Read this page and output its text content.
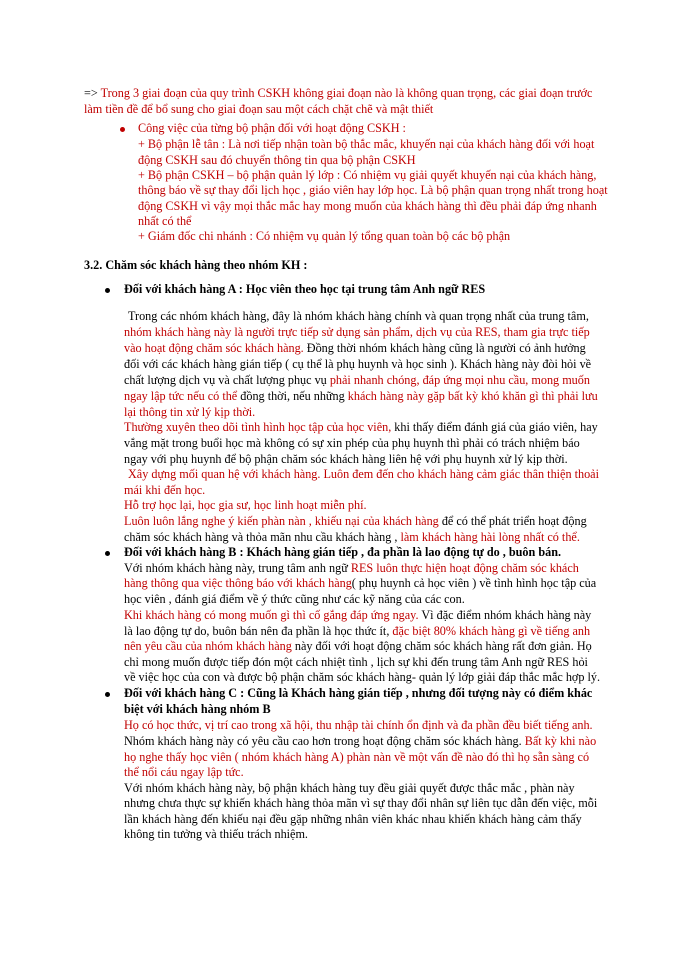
=> Trong 3 giai đoạn của quy trình CSKH không giai đoạn nào là không quan trọng, các giai đoạn trước

làm tiền đề để bổ sung cho giai đoạn sau một cách chặt chẽ và mật thiết

Công việc của từng bộ phận đối với hoạt động CSKH :

+ Bộ phận lễ tân : Là nơi tiếp nhận toàn bộ thắc mắc, khuyến nại của khách hàng đối với hoạt

động CSKH sau đó chuyển thông tin qua bộ phận CSKH

+ Bộ phận CSKH – bộ phận quản lý lớp : Có nhiệm vụ giải quyết khuyến nại của khách hàng,

thông báo về sự thay đổi lịch học , giáo viên hay lớp học. Là bộ phận quan trọng nhất trong hoạt

động CSKH vì vậy mọi thắc mắc hay mong muốn của khách hàng thì đều phải đáp ứng nhanh

nhất có thể

+ Giám đốc chi nhánh : Có nhiệm vụ quản lý tổng quan toàn bộ các bộ phận

3.2. Chăm sóc khách hàng theo nhóm KH :

Đối với khách hàng A : Học viên theo học tại trung tâm Anh ngữ RES

Trong các nhóm khách hàng, đây là nhóm khách hàng chính và quan trọng nhất của trung tâm,

nhóm khách hàng này là người trực tiếp sử dụng sản phẩm, dịch vụ của RES, tham gia trực tiếp

vào hoạt động chăm sóc khách hàng. Đồng thời nhóm khách hàng cũng là người có ảnh hưởng

đối với các khách hàng gián tiếp ( cụ thể là phụ huynh và học sinh ). Khách hàng này đòi hỏi về

chất lượng dịch vụ và chất lượng phục vụ phải nhanh chóng, đáp ứng mọi nhu cầu, mong muốn

ngay lập tức nếu có thể đồng thời, nếu những khách hàng này gặp bất kỳ khó khăn gì thì phải lưu

lại thông tin xử lý kịp thời.

Thường xuyên theo dõi tình hình học tập của học viên, khi thấy điểm đánh giá của giáo viên, hay

vắng mặt trong buổi học mà không có sự xin phép của phụ huynh thì phải có trách nhiệm báo

ngay với phụ huynh để bộ phận chăm sóc khách hàng liên hệ với phụ huynh xử lý kịp thời.

Xây dựng mối quan hệ với khách hàng. Luôn đem đến cho khách hàng cảm giác thân thiện thoải

mái khi đến học.

Hỗ trợ học lại, học gia sư, học linh hoạt miễn phí.

Luôn luôn lắng nghe ý kiến phàn nàn , khiếu nại của khách hàng để có thể phát triển hoạt động

chăm sóc khách hàng và thỏa mãn nhu cầu khách hàng , làm khách hàng hài lòng nhất có thể.

Đối với khách hàng B : Khách hàng gián tiếp , đa phần là lao động tự do , buôn bán.

Với nhóm khách hàng này, trung tâm anh ngữ RES luôn thực hiện hoạt động chăm sóc khách

hàng thông qua việc thông báo với khách hàng( phụ huynh cả học viên ) về tình hình học tập của

học viên , đánh giá điểm về ý thức cũng như các kỹ năng của các con.

Khi khách hàng có mong muốn gì thì cố gắng đáp ứng ngay. Vì đặc điểm nhóm khách hàng này

là lao động tự do, buôn bán nên đa phần là học thức ít, đặc biệt 80% khách hàng gì về tiếng anh

nên yêu cầu của nhóm khách hàng này đối với hoạt động chăm sóc khách hàng rất đơn giản. Họ

chỉ mong muốn được tiếp đón một cách nhiệt tình , lịch sự khi đến trung tâm Anh ngữ RES hỏi

về việc học của con và được bộ phận chăm sóc khách hàng- quản lý lớp giải đáp thắc mắc hợp lý.

Đối với khách hàng C : Cũng là Khách hàng gián tiếp , nhưng đối tượng này có điểm khác

biệt với khách hàng nhóm B

Họ có học thức, vị trí cao trong xã hội, thu nhập tài chính ổn định và đa phần đều biết tiếng anh.

Nhóm khách hàng này có yêu cầu cao hơn trong hoạt động chăm sóc khách hàng. Bất kỳ khi nào

họ nghe thấy học viên ( nhóm khách hàng A) phàn nàn về một vấn đề nào đó thì họ sẵn sàng có

thể nổi cáu ngay lập tức.

Với nhóm khách hàng này, bộ phận khách hàng tuy đều giải quyết được thắc mắc , phàn này

nhưng chưa thực sự khiến khách hàng thỏa mãn vì sự thay đổi nhân sự liên tục dẫn đến việc, mỗi

lần khách hàng đến khiếu nại đều gặp những nhân viên khác nhau khiến khách hàng cảm thấy

không tin tưởng và thiếu trách nhiệm.
